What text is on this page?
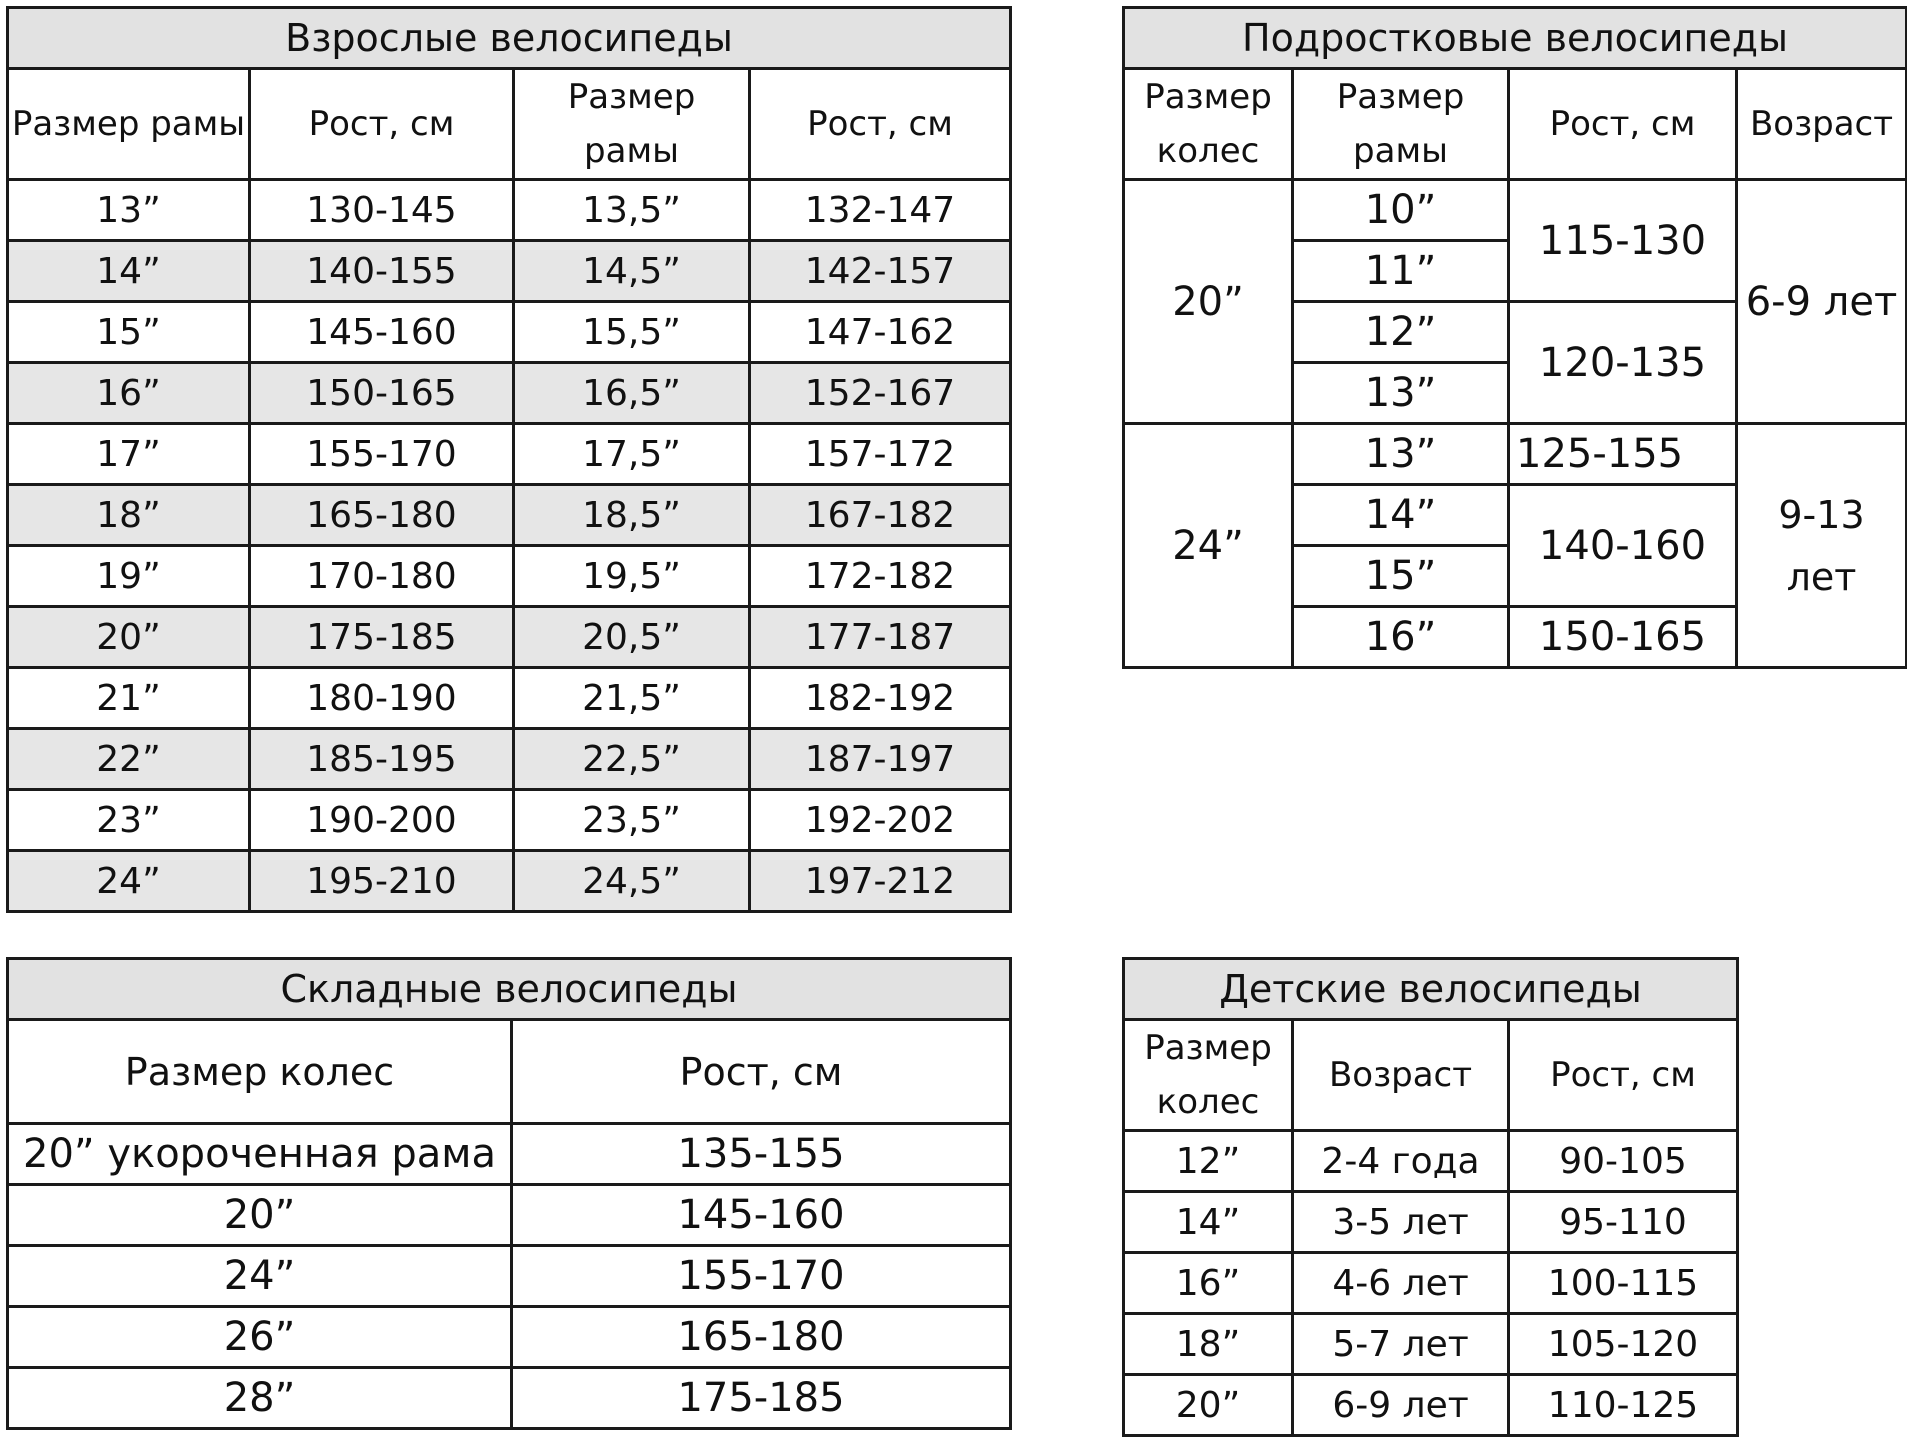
Взрослые велосипеды			
Размер рамы	Рост, см	Размер рамы	Рост, см
13”	130-145	13,5”	132-147
14”	140-155	14,5”	142-157
15”	145-160	15,5”	147-162
16”	150-165	16,5”	152-167
17”	155-170	17,5”	157-172
18”	165-180	18,5”	167-182
19”	170-180	19,5”	172-182
20”	175-185	20,5”	177-187
21”	180-190	21,5”	182-192
22”	185-195	22,5”	187-197
23”	190-200	23,5”	192-202
24”	195-210	24,5”	197-212
Подростковые велосипеды			
Размер колес	Размер рамы	Рост, см	Возраст
20”	10”	115-130	6-9 лет
	11”		
	12”	120-135	
	13”		
24”	13”	125-155	9-13 лет
	14”	140-160	
	15”		
	16”	150-165	
Складные велосипеды	
Размер колес	Рост, см
20” укороченная рама	135-155
20”	145-160
24”	155-170
26”	165-180
28”	175-185
Детские велосипеды		
Размер колес	Возраст	Рост, см
12”	2-4 года	90-105
14”	3-5 лет	95-110
16”	4-6 лет	100-115
18”	5-7 лет	105-120
20”	6-9 лет	110-125
